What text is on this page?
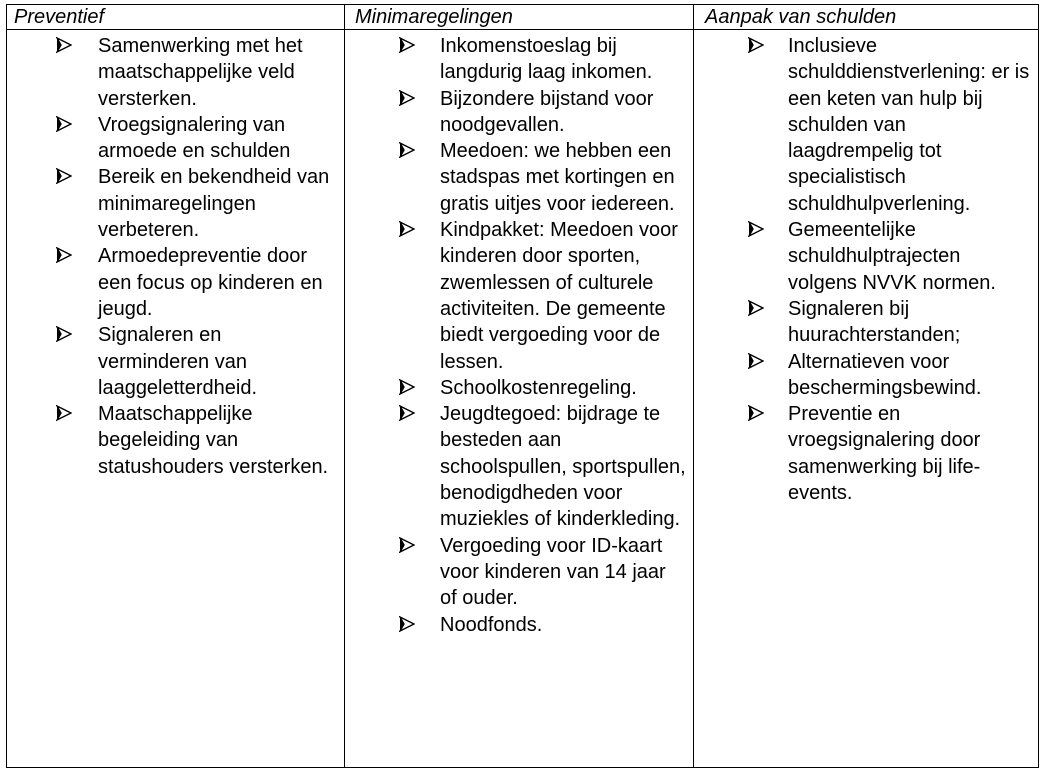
Preventief
Samenwerking met het maatschappelijke veld versterken.
Vroegsignalering van armoede en schulden
Bereik en bekendheid van minimaregelingen verbeteren.
Armoedepreventie door een focus op kinderen en jeugd.
Signaleren en verminderen van laaggeletterdheid.
Maatschappelijke begeleiding van statushouders versterken.
Minimaregelingen
Inkomenstoeslag bij langdurig laag inkomen.
Bijzondere bijstand voor noodgevallen.
Meedoen: we hebben een stadspas met kortingen en gratis uitjes voor iedereen.
Kindpakket: Meedoen voor kinderen door sporten, zwemlessen of culturele activiteiten. De gemeente biedt vergoeding voor de lessen.
Schoolkostenregeling.
Jeugdtegoed: bijdrage te besteden aan schoolspullen, sportspullen, benodigdheden voor muziekles of kinderkleding.
Vergoeding voor ID-kaart voor kinderen van 14 jaar of ouder.
Noodfonds.
Aanpak van schulden
Inclusieve schulddienstverlening: er is een keten van hulp bij schulden van laagdrempelig tot specialistisch schuldhulpverlening.
Gemeentelijke schuldhulptrajecten volgens NVVK normen.
Signaleren bij huurachterstanden;
Alternatieven voor beschermingsbewind.
Preventie en vroegsignalering door samenwerking bij life-events.
